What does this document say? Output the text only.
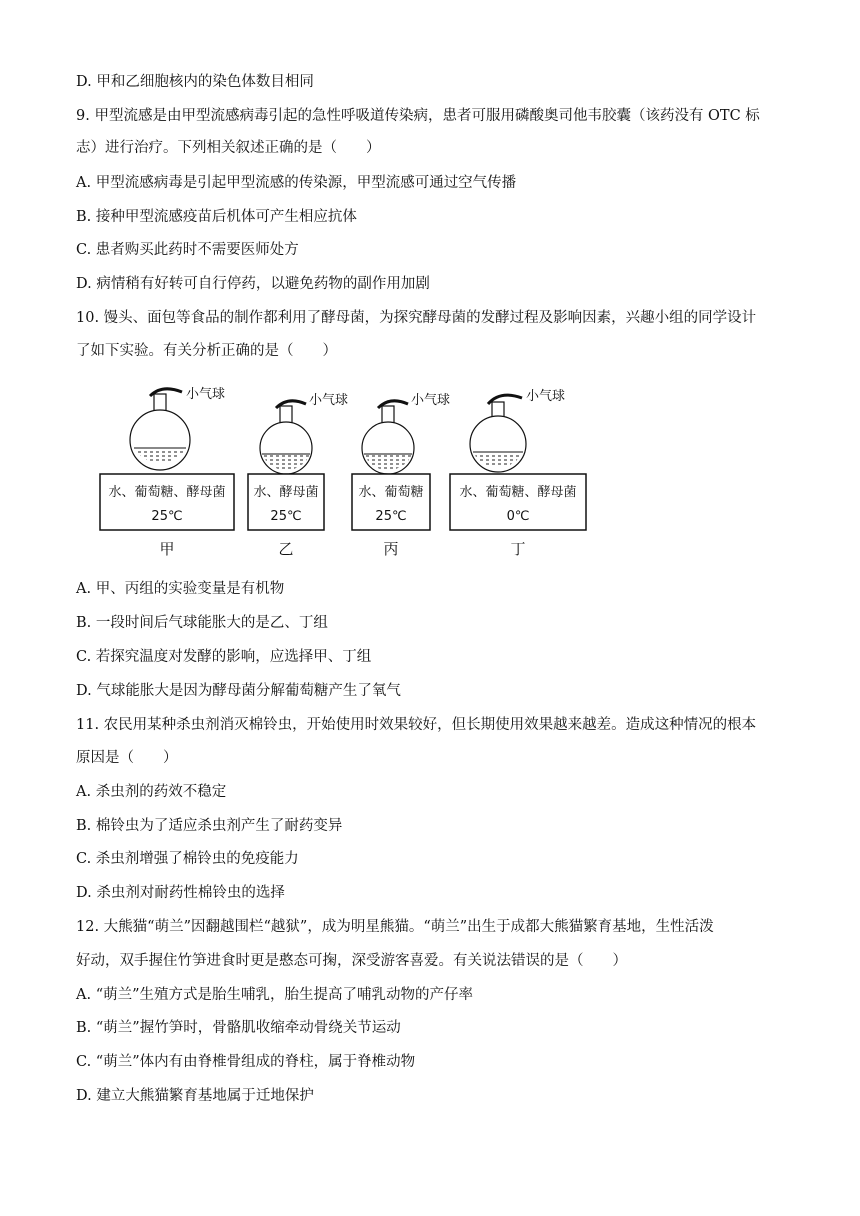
D. 甲和乙细胞核内的染色体数目相同
9. 甲型流感是由甲型流感病毒引起的急性呼吸道传染病，患者可服用磷酸奥司他韦胶囊（该药没有 OTC 标
志）进行治疗。下列相关叙述正确的是（　　）
A. 甲型流感病毒是引起甲型流感的传染源，甲型流感可通过空气传播
B. 接种甲型流感疫苗后机体可产生相应抗体
C. 患者购买此药时不需要医师处方
D. 病情稍有好转可自行停药，以避免药物的副作用加剧
10. 馒头、面包等食品的制作都利用了酵母菌，为探究酵母菌的发酵过程及影响因素，兴趣小组的同学设计
了如下实验。有关分析正确的是（　　）
小气球
水、葡萄糖、酵母菌
25℃
甲
小气球
水、酵母菌
25℃
乙
小气球
水、葡萄糖
25℃
丙
小气球
水、葡萄糖、酵母菌
0℃
丁
A. 甲、丙组的实验变量是有机物
B. 一段时间后气球能胀大的是乙、丁组
C. 若探究温度对发酵的影响，应选择甲、丁组
D. 气球能胀大是因为酵母菌分解葡萄糖产生了氧气
11. 农民用某种杀虫剂消灭棉铃虫，开始使用时效果较好，但长期使用效果越来越差。造成这种情况的根本
原因是（　　）
A. 杀虫剂的药效不稳定
B. 棉铃虫为了适应杀虫剂产生了耐药变异
C. 杀虫剂增强了棉铃虫的免疫能力
D. 杀虫剂对耐药性棉铃虫的选择
12. 大熊猫“萌兰”因翻越围栏“越狱”，成为明星熊猫。“萌兰”出生于成都大熊猫繁育基地，生性活泼
好动，双手握住竹笋进食时更是憨态可掬，深受游客喜爱。有关说法错误的是（　　）
A. “萌兰”生殖方式是胎生哺乳，胎生提高了哺乳动物的产仔率
B. “萌兰”握竹笋时，骨骼肌收缩牵动骨绕关节运动
C. “萌兰”体内有由脊椎骨组成的脊柱，属于脊椎动物
D. 建立大熊猫繁育基地属于迁地保护
